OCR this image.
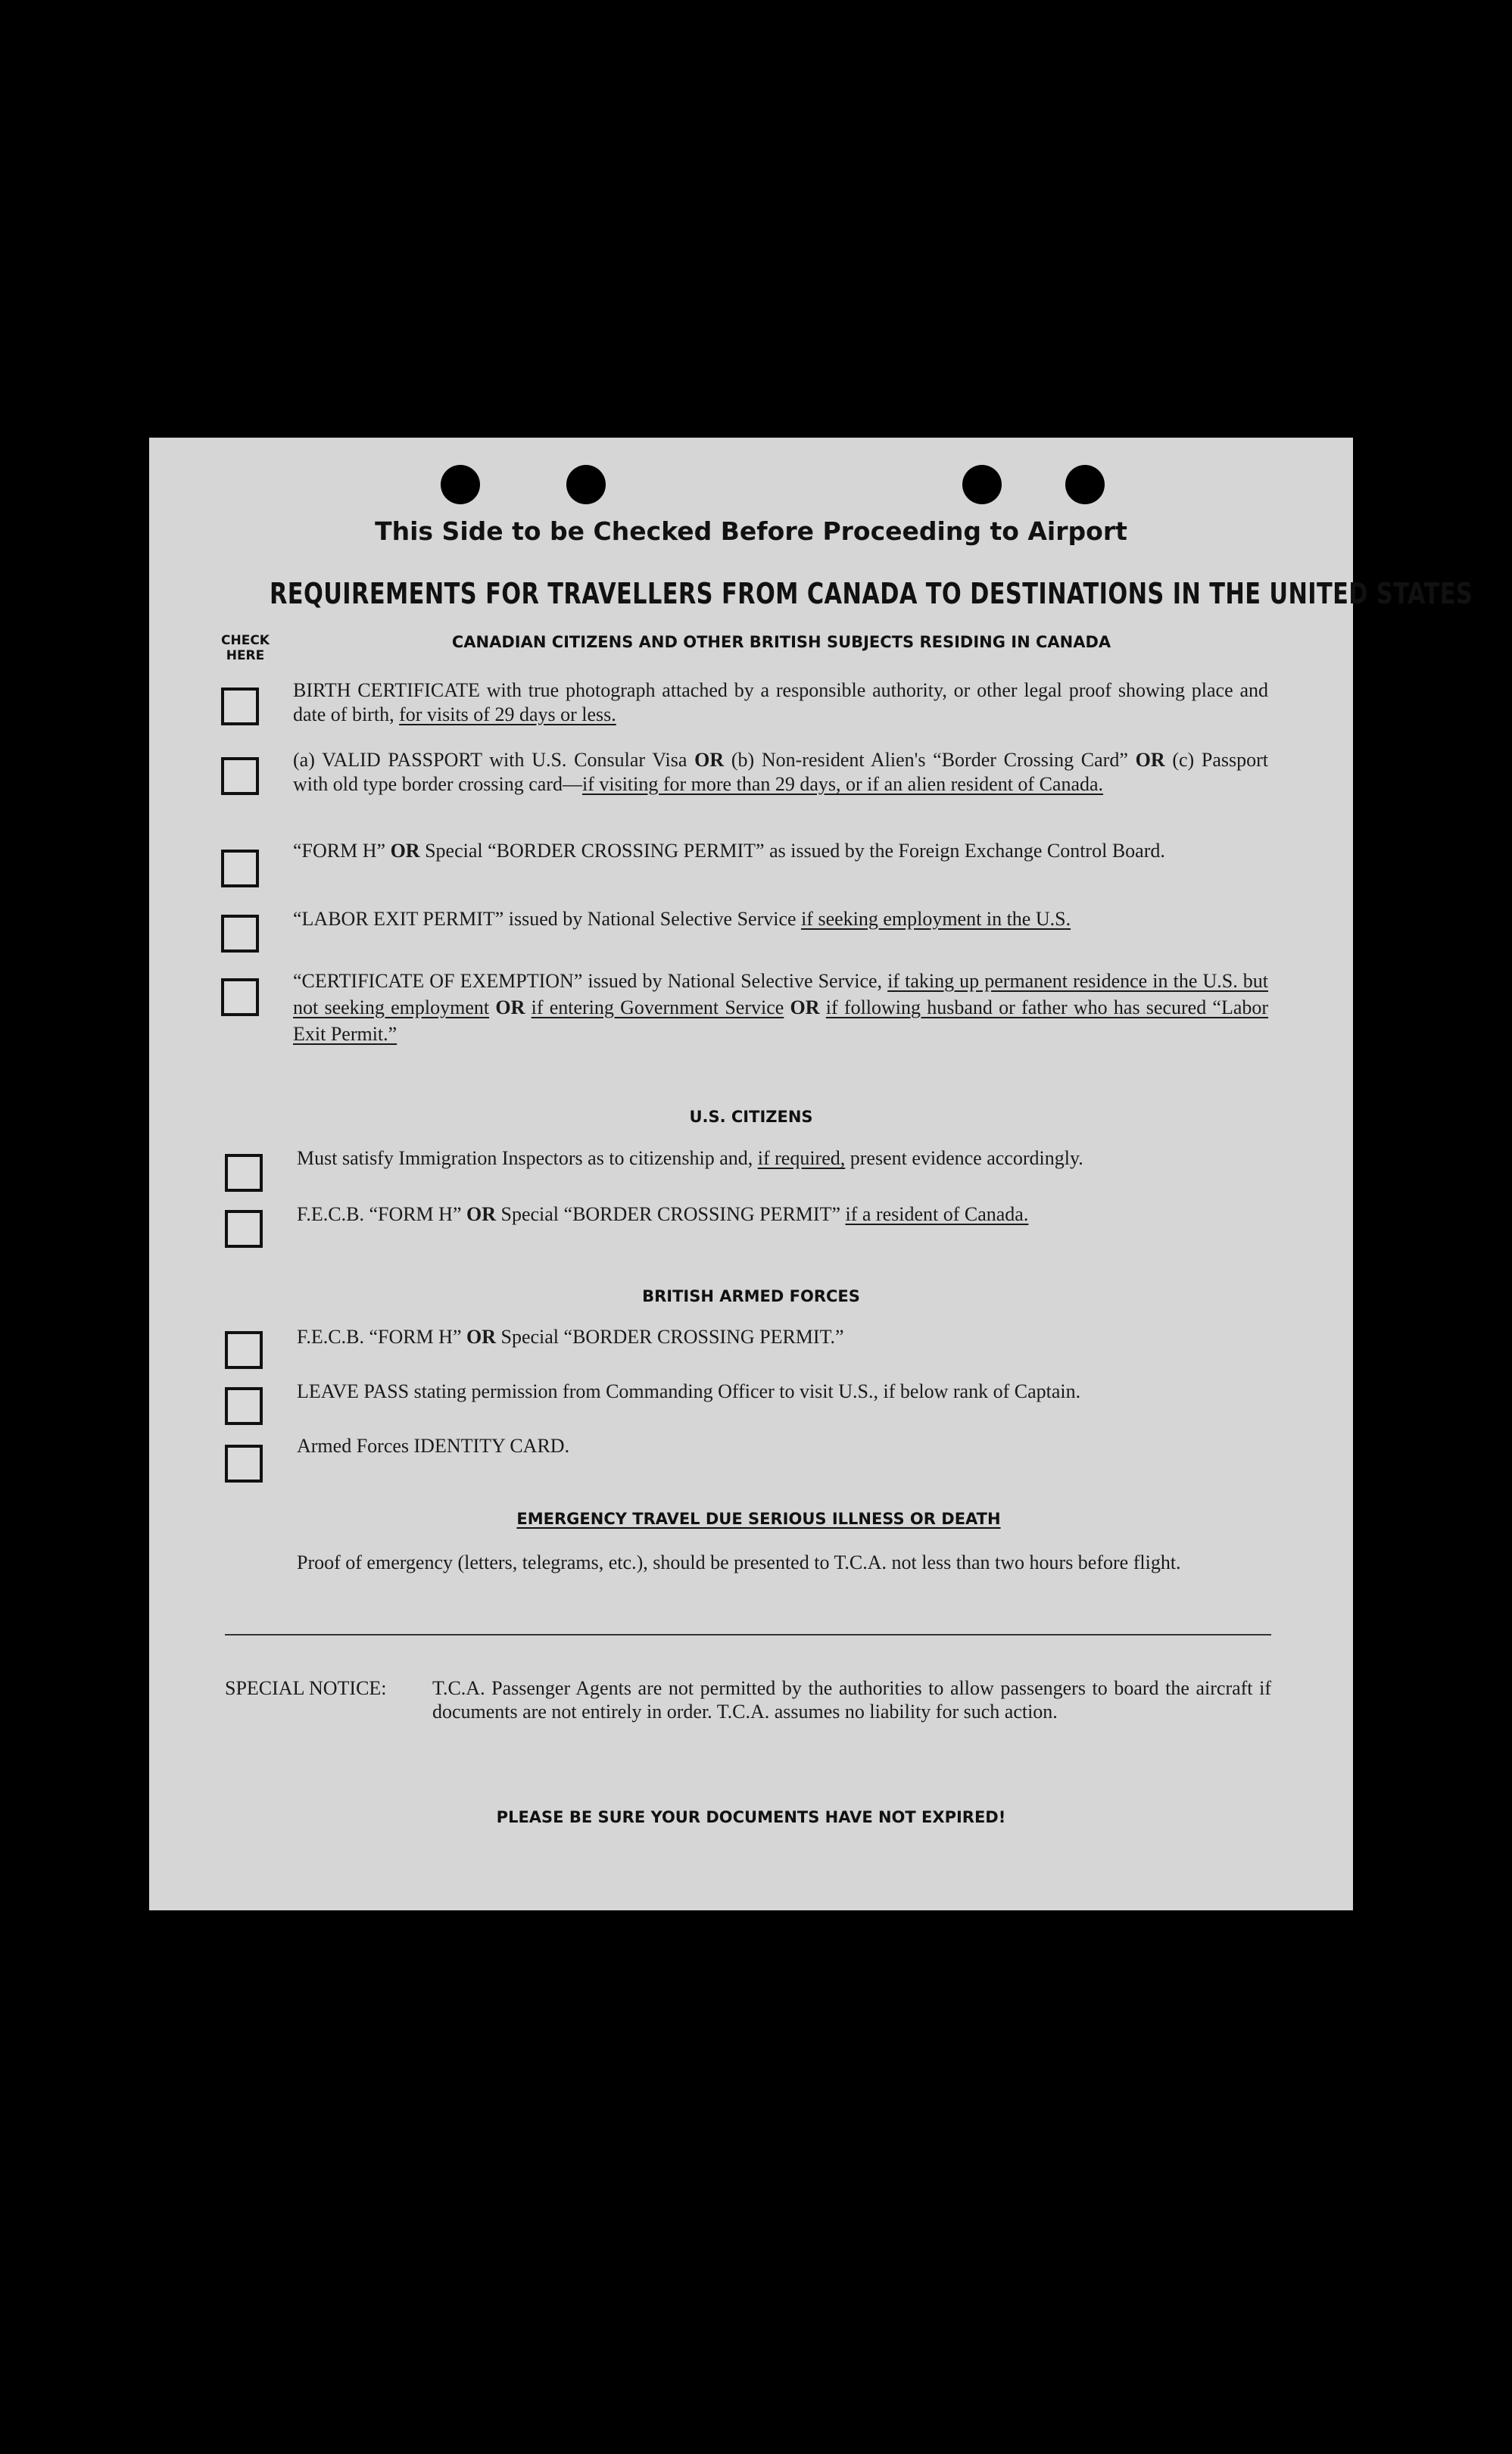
This Side to be Checked Before Proceeding to Airport
REQUIREMENTS FOR TRAVELLERS FROM CANADA TO DESTINATIONS IN THE UNITED STATES
CHECK
HERE
CANADIAN CITIZENS AND OTHER BRITISH SUBJECTS RESIDING IN CANADA
BIRTH CERTIFICATE with true photograph attached by a responsible authority, or other legal proof showing place and date of birth, for visits of 29 days or less.
(a) VALID PASSPORT with U.S. Consular Visa OR (b) Non-resident Alien's “Border Crossing Card” OR (c) Passport with old type border crossing card—if visiting for more than 29 days, or if an alien resident of Canada.
“FORM H” OR Special “BORDER CROSSING PERMIT” as issued by the Foreign Exchange Control Board.
“LABOR EXIT PERMIT” issued by National Selective Service if seeking employment in the U.S.
“CERTIFICATE OF EXEMPTION” issued by National Selective Service, if taking up permanent residence in the U.S. but not seeking employment OR if entering Government Service OR if following husband or father who has secured “Labor Exit Permit.”
U.S. CITIZENS
Must satisfy Immigration Inspectors as to citizenship and, if required, present evidence accordingly.
F.E.C.B. “FORM H” OR Special “BORDER CROSSING PERMIT” if a resident of Canada.
BRITISH ARMED FORCES
F.E.C.B. “FORM H” OR Special “BORDER CROSSING PERMIT.”
LEAVE PASS stating permission from Commanding Officer to visit U.S., if below rank of Captain.
Armed Forces IDENTITY CARD.
EMERGENCY TRAVEL DUE SERIOUS ILLNESS OR DEATH
Proof of emergency (letters, telegrams, etc.), should be presented to T.C.A. not less than two hours before flight.
SPECIAL NOTICE: T.C.A. Passenger Agents are not permitted by the authorities to allow passengers to board the aircraft if documents are not entirely in order. T.C.A. assumes no liability for such action.
PLEASE BE SURE YOUR DOCUMENTS HAVE NOT EXPIRED!
